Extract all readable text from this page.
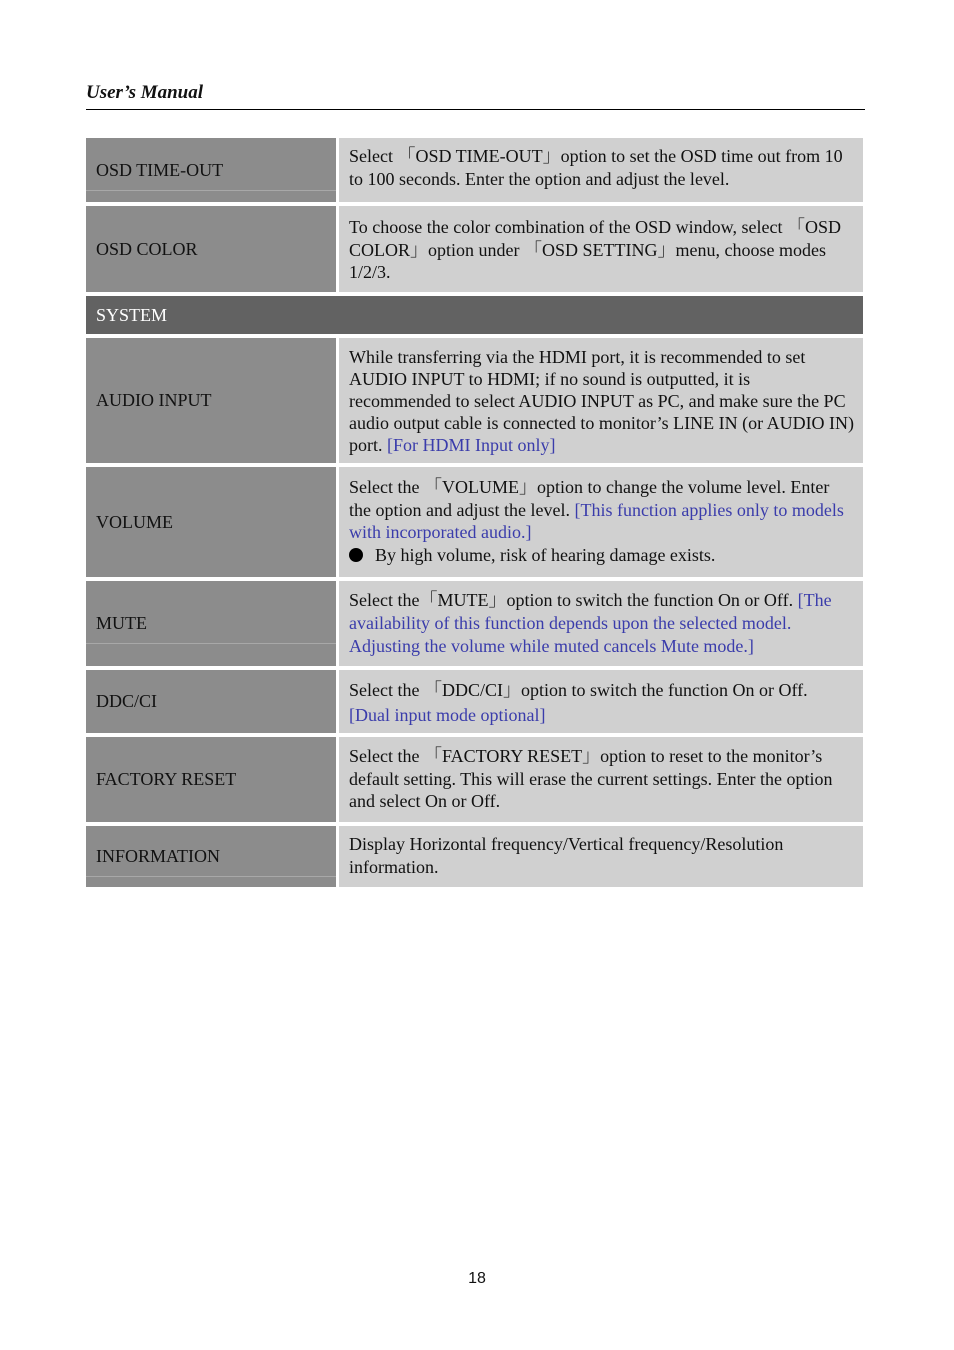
User’s Manual
OSD TIME-OUT
Select 「OSD TIME-OUT」option to set the OSD time out from 10 to 100 seconds. Enter the option and adjust the level.
OSD COLOR
To choose the color combination of the OSD window, select 「OSD COLOR」option under 「OSD SETTING」menu, choose modes 1/2/3.
SYSTEM
AUDIO INPUT
While transferring via the HDMI port, it is recommended to set AUDIO INPUT to HDMI; if no sound is outputted, it is recommended to select AUDIO INPUT as PC, and make sure the PC audio output cable is connected to monitor’s LINE IN (or AUDIO IN) port. [For HDMI Input only]
VOLUME
Select the 「VOLUME」option to change the volume level. Enter the option and adjust the level. [This function applies only to models with incorporated audio.]
By high volume, risk of hearing damage exists.
MUTE
Select the「MUTE」option to switch the function On or Off. [The availability of this function depends upon the selected model. Adjusting the volume while muted cancels Mute mode.]
DDC/CI
Select the 「DDC/CI」option to switch the function On or Off.
[Dual input mode optional]
FACTORY RESET
Select the 「FACTORY RESET」option to reset to the monitor’s default setting. This will erase the current settings. Enter the option and select On or Off.
INFORMATION
Display Horizontal frequency/Vertical frequency/Resolution information.
18
